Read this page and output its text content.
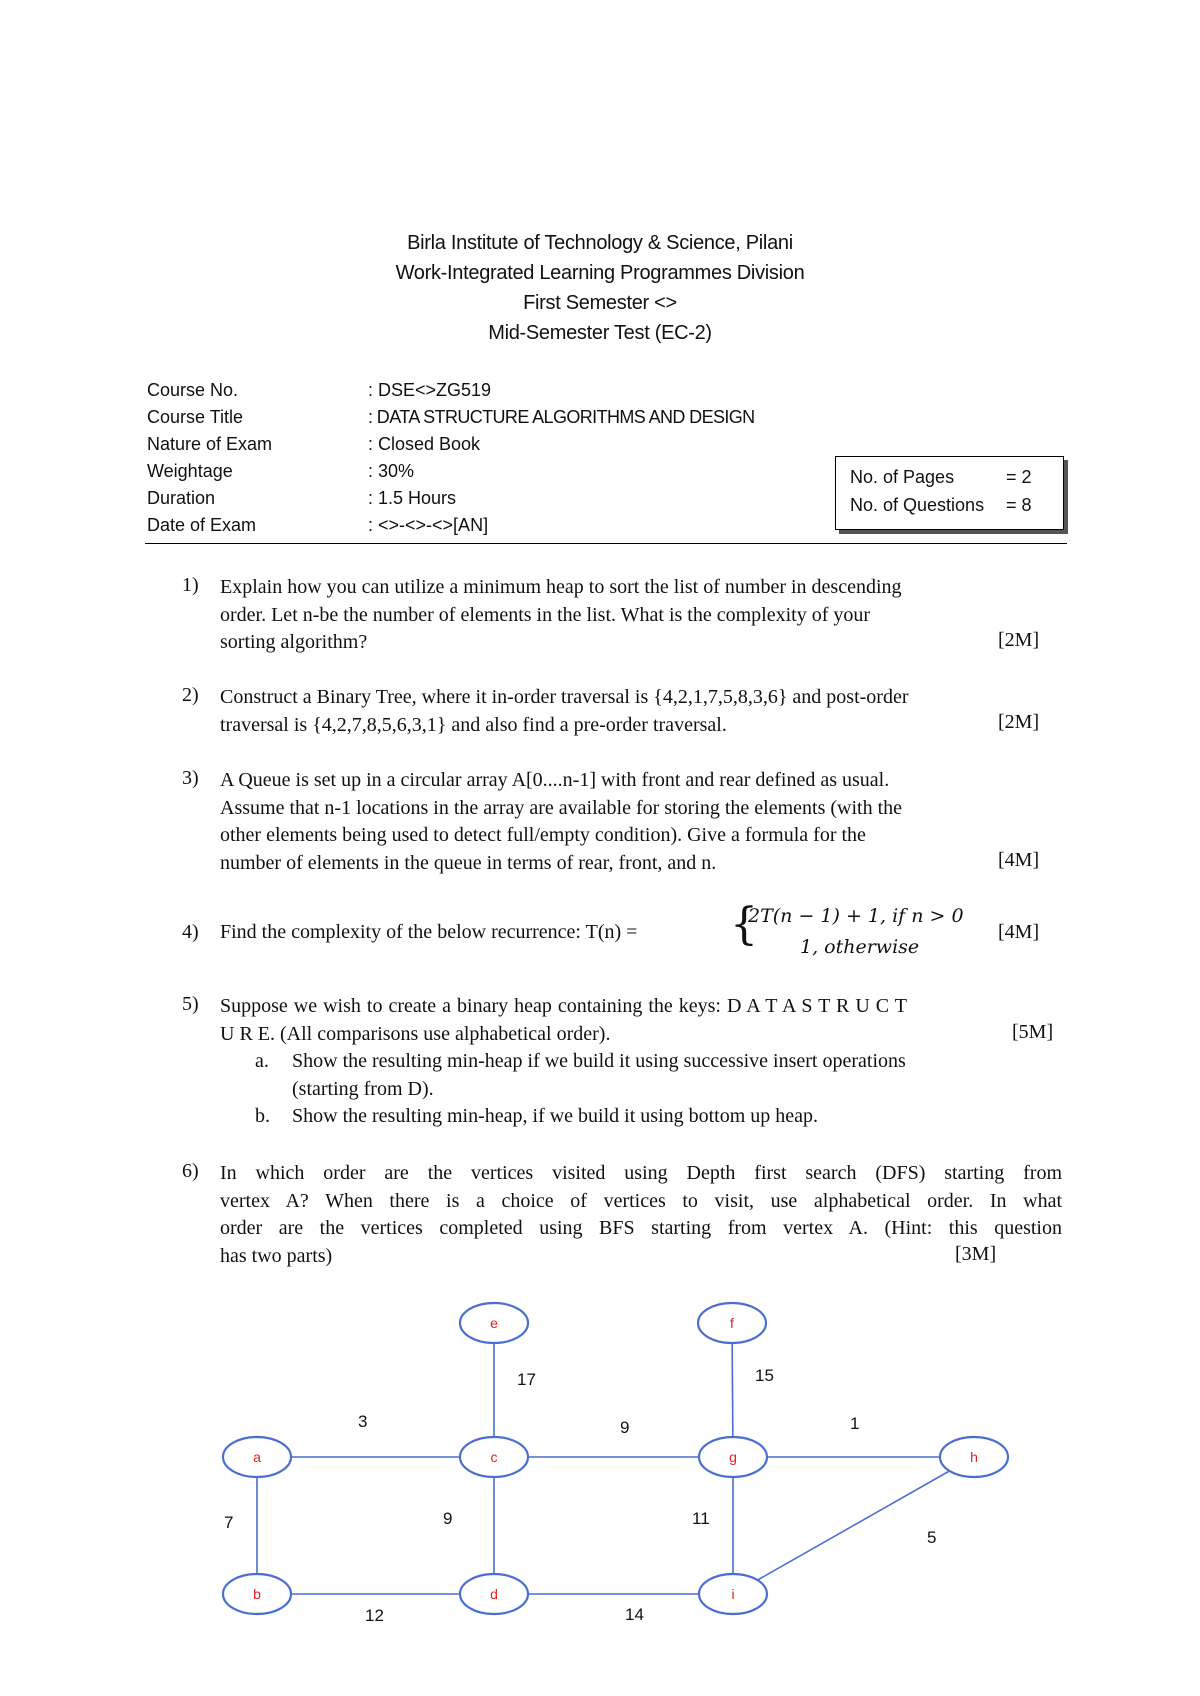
Birla Institute of Technology & Science, Pilani
Work-Integrated Learning Programmes Division
First Semester <>
Mid-Semester Test (EC-2)
Course No.	: DSE<>ZG519
Course Title	: DATA STRUCTURE ALGORITHMS AND DESIGN
Nature of Exam	: Closed Book
Weightage	: 30%
Duration	: 1.5 Hours
Date of Exam	: <>-<>-<>[AN]
No. of Pages	= 2
No. of Questions = 8
1) Explain how you can utilize a minimum heap to sort the list of number in descending
order. Let n-be the number of elements in the list. What is the complexity of your
sorting algorithm?	[2M]
2) Construct a Binary Tree, where it in-order traversal is {4,2,1,7,5,8,3,6} and post-order
traversal is {4,2,7,8,5,6,3,1} and also find a pre-order traversal.	[2M]
3) A Queue is set up in a circular array A[0....n-1] with front and rear defined as usual.
Assume that n-1 locations in the array are available for storing the elements (with the
other elements being used to detect full/empty condition). Give a formula for the
number of elements in the queue in terms of rear, front, and n.	[4M]
4) Find the complexity of the below recurrence: T(n) = {
2T(n − 1) + 1, if n > 0
1, otherwise
[4M]
5) Suppose we wish to create a binary heap containing the keys: D A T A S T R U C T
U R E. (All comparisons use alphabetical order).	[5M]
a. Show the resulting min-heap if we build it using successive insert operations
(starting from D).
b. Show the resulting min-heap, if we build it using bottom up heap.
6) In which order are the vertices visited using Depth first search (DFS) starting from
vertex A? When there is a choice of vertices to visit, use alphabetical order. In what
order are the vertices completed using BFS starting from vertex A. (Hint: this question
has two parts)	[3M]
17	15
3	9	1
7	9	11
5
12	14
e	f
a	c	g	h
b	d	i
